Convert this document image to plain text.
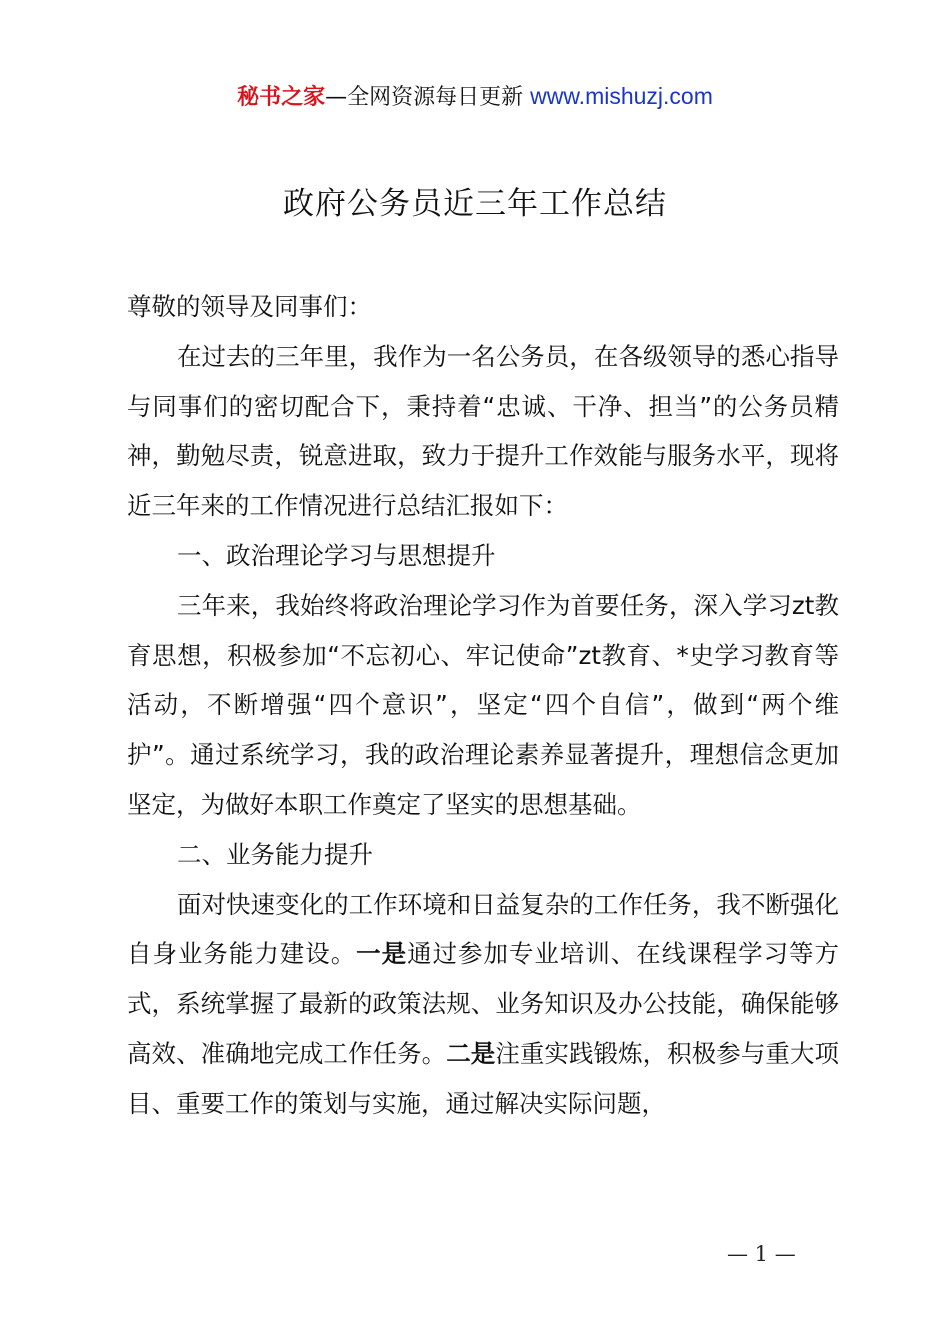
秘书之家—全网资源每日更新 www.mishuzj.com
政府公务员近三年工作总结

尊敬的领导及同事们：

在过去的三年里，我作为一名公务员，在各级领导的悉心指导与同事们的密切配合下，秉持着“忠诚、干净、担当”的公务员精神，勤勉尽责，锐意进取，致力于提升工作效能与服务水平，现将近三年来的工作情况进行总结汇报如下：

一、政治理论学习与思想提升

三年来，我始终将政治理论学习作为首要任务，深入学习zt教育思想，积极参加“不忘初心、牢记使命”zt教育、*史学习教育等活动，不断增强“四个意识”，坚定“四个自信”，做到“两个维护”。通过系统学习，我的政治理论素养显著提升，理想信念更加坚定，为做好本职工作奠定了坚实的思想基础。

二、业务能力提升

面对快速变化的工作环境和日益复杂的工作任务，我不断强化自身业务能力建设。一是通过参加专业培训、在线课程学习等方式，系统掌握了最新的政策法规、业务知识及办公技能，确保能够高效、准确地完成工作任务。二是注重实践锻炼，积极参与重大项目、重要工作的策划与实施，通过解决实际问题，

— 1 —
